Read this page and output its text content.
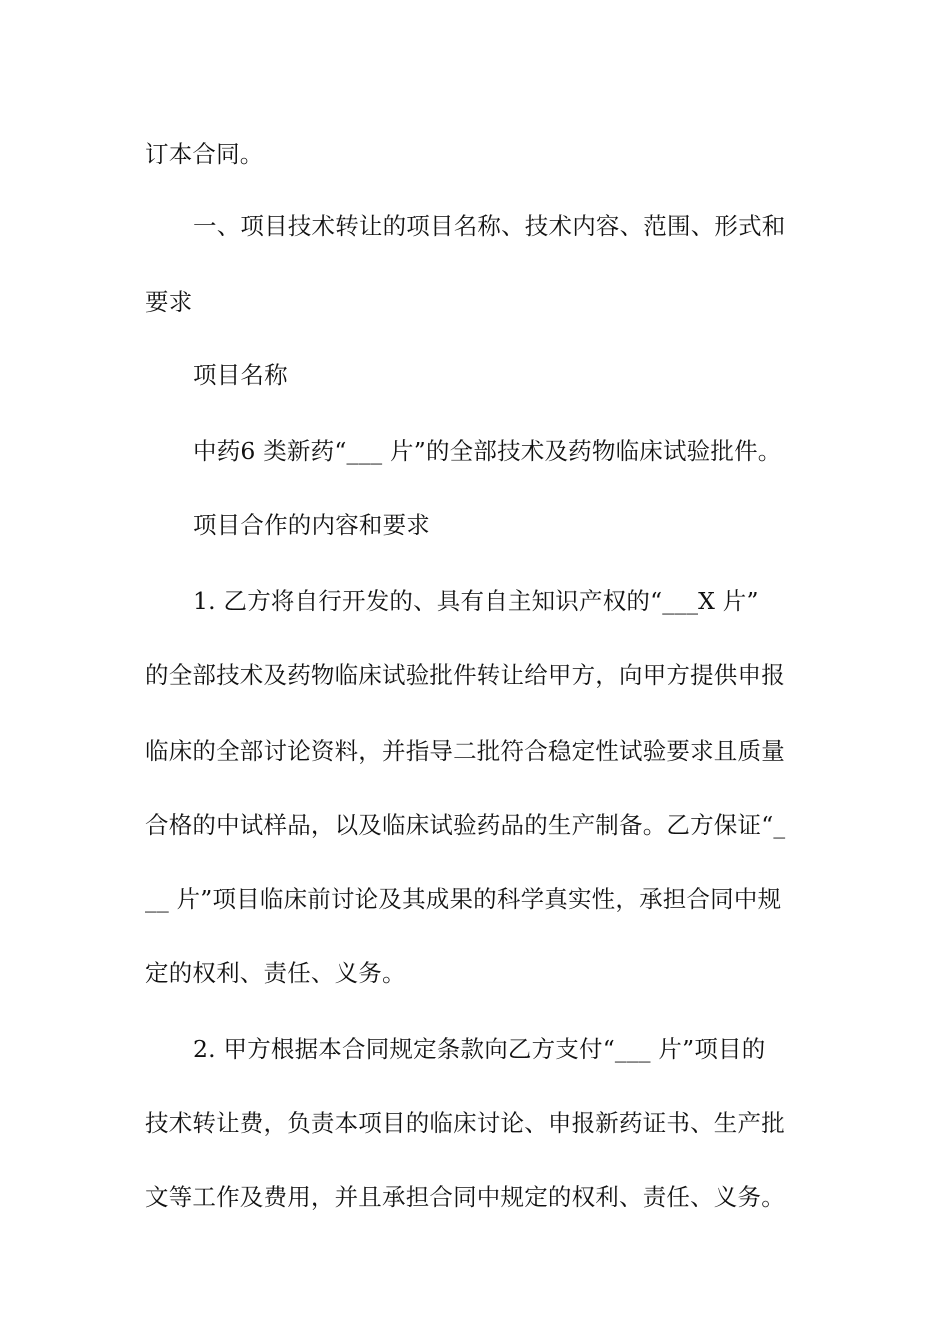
订本合同。
一、项目技术转让的项目名称、技术内容、范围、形式和
要求
项目名称
中药6 类新药“___ 片”的全部技术及药物临床试验批件。
项目合作的内容和要求
1. 乙方将自行开发的、具有自主知识产权的“___X 片”
的全部技术及药物临床试验批件转让给甲方，向甲方提供申报
临床的全部讨论资料，并指导二批符合稳定性试验要求且质量
合格的中试样品，以及临床试验药品的生产制备。乙方保证“_
__ 片”项目临床前讨论及其成果的科学真实性，承担合同中规
定的权利、责任、义务。
2. 甲方根据本合同规定条款向乙方支付“___ 片”项目的
技术转让费，负责本项目的临床讨论、申报新药证书、生产批
文等工作及费用，并且承担合同中规定的权利、责任、义务。
